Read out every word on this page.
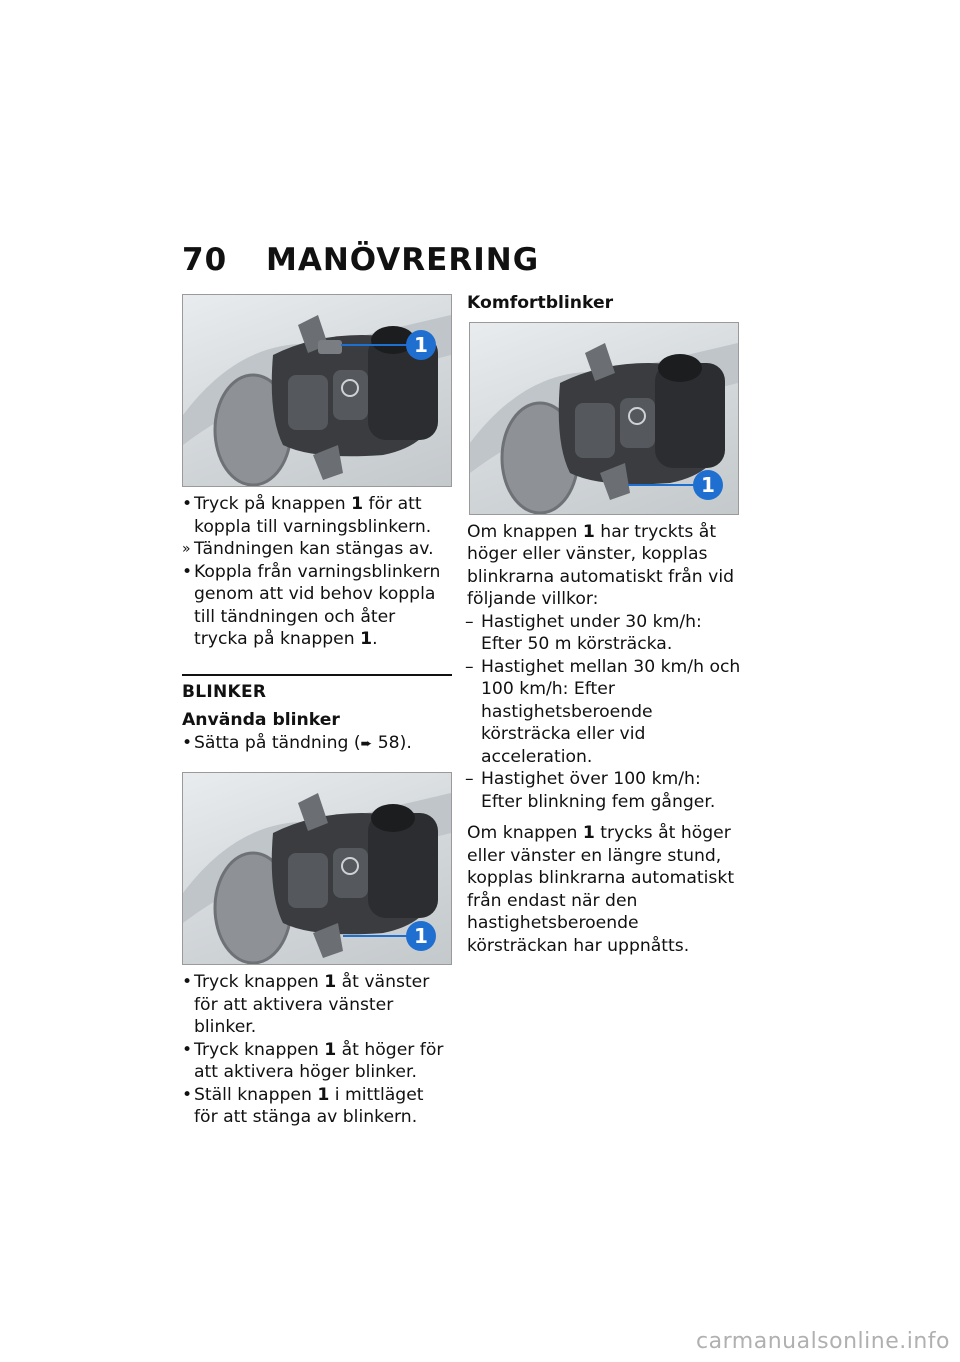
70 MANÖVRERING
1
• Tryck på knappen 1 för att koppla till varningsblinkern.
» Tändningen kan stängas av.
• Koppla från varningsblinkern genom att vid behov koppla till tändningen och åter trycka på knappen 1.

BLINKER

Använda blinker

• Sätta på tändning (➨ 58).
1
• Tryck knappen 1 åt vänster för att aktivera vänster blinker.
• Tryck knappen 1 åt höger för att aktivera höger blinker.
• Ställ knappen 1 i mittläget för att stänga av blinkern.

Komfortblinker

1

Om knappen 1 har tryckts åt höger eller vänster, kopplas blinkrarna automatiskt från vid följande villkor:

– Hastighet under 30 km/h: Efter 50 m körsträcka.
– Hastighet mellan 30 km/h och 100 km/h: Efter hastighetsberoende körsträcka eller vid acceleration.
– Hastighet över 100 km/h: Efter blinkning fem gånger.

Om knappen 1 trycks åt höger eller vänster en längre stund, kopplas blinkrarna automatiskt från endast när den hastighetsberoende körsträckan har uppnåtts.

carmanualsonline.info
